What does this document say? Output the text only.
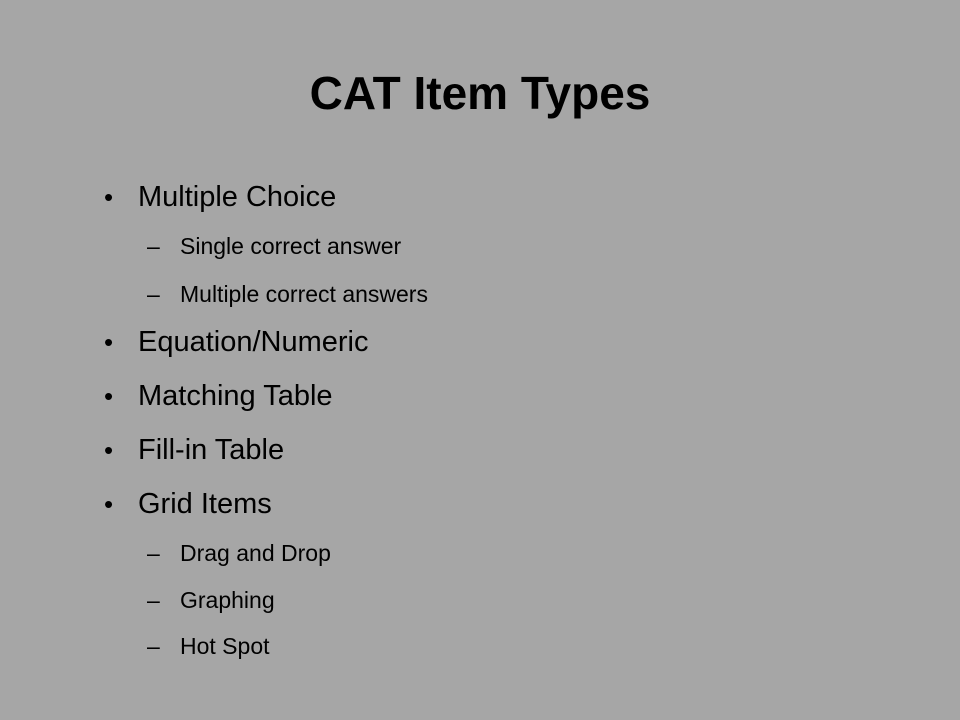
CAT Item Types
• Multiple Choice
– Single correct answer
– Multiple correct answers
• Equation/Numeric
• Matching Table
• Fill-in Table
• Grid Items
– Drag and Drop
– Graphing
– Hot Spot
